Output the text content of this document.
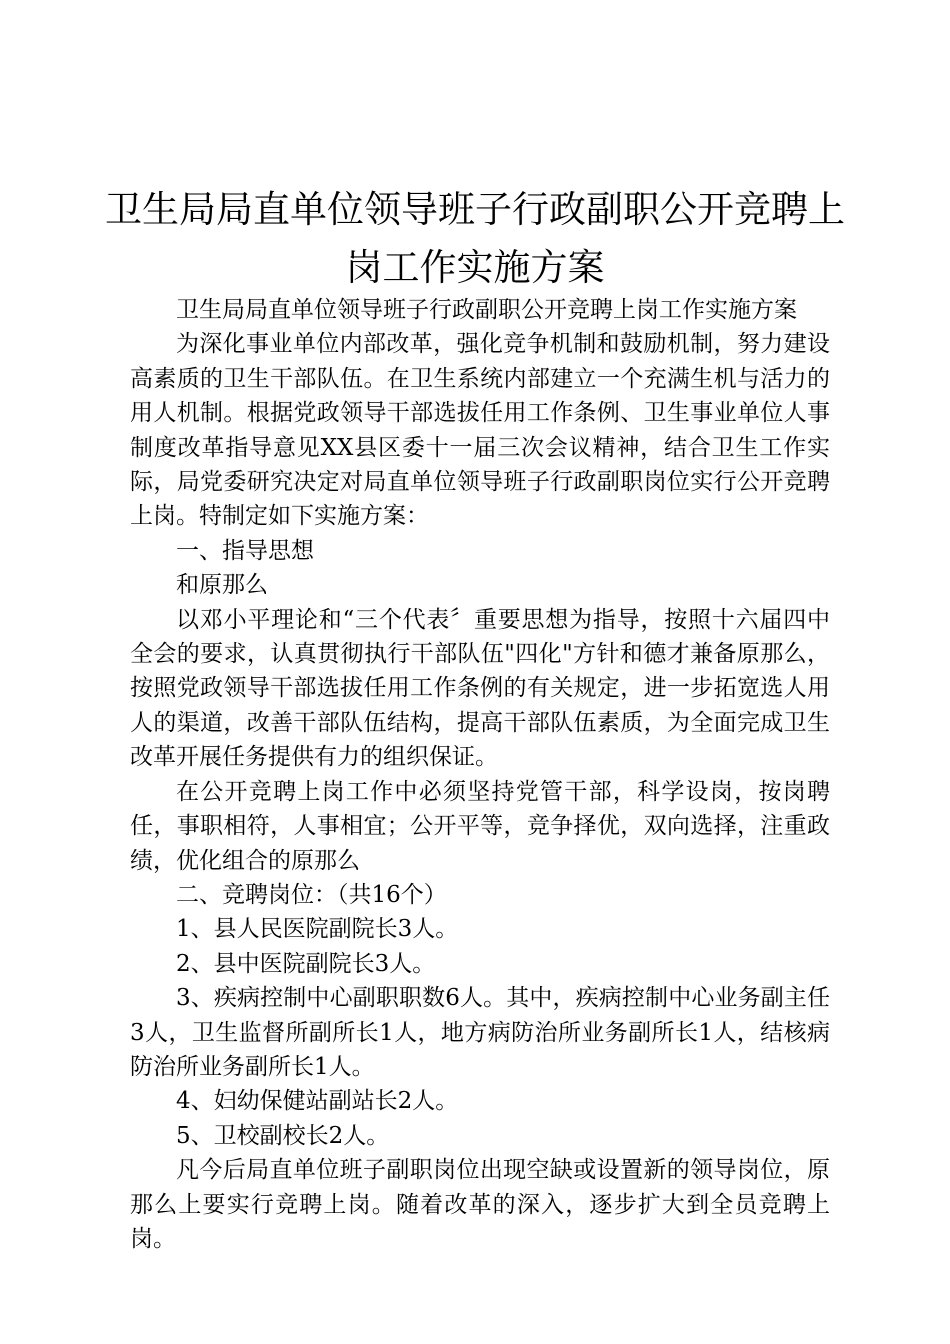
卫生局局直单位领导班子行政副职公开竞聘上
岗工作实施方案

卫生局局直单位领导班子行政副职公开竞聘上岗工作实施方案

为深化事业单位内部改革，强化竞争机制和鼓励机制，努力建设高素质的卫生干部队伍。在卫生系统内部建立一个充满生机与活力的用人机制。根据党政领导干部选拔任用工作条例、卫生事业单位人事制度改革指导意见XX县区委十一届三次会议精神，结合卫生工作实际，局党委研究决定对局直单位领导班子行政副职岗位实行公开竞聘上岗。特制定如下实施方案：

一、指导思想

和原那么

以邓小平理论和“三个代表〞重要思想为指导，按照十六届四中全会的要求，认真贯彻执行干部队伍"四化"方针和德才兼备原那么，按照党政领导干部选拔任用工作条例的有关规定，进一步拓宽选人用人的渠道，改善干部队伍结构，提高干部队伍素质，为全面完成卫生改革开展任务提供有力的组织保证。

在公开竞聘上岗工作中必须坚持党管干部，科学设岗，按岗聘任，事职相符，人事相宜；公开平等，竞争择优，双向选择，注重政绩，优化组合的原那么

二、竞聘岗位：（共16个）

1、县人民医院副院长3人。

2、县中医院副院长3人。

3、疾病控制中心副职职数6人。其中，疾病控制中心业务副主任3人，卫生监督所副所长1人，地方病防治所业务副所长1人，结核病防治所业务副所长1人。

4、妇幼保健站副站长2人。

5、卫校副校长2人。

凡今后局直单位班子副职岗位出现空缺或设置新的领导岗位，原那么上要实行竞聘上岗。随着改革的深入，逐步扩大到全员竞聘上岗。
